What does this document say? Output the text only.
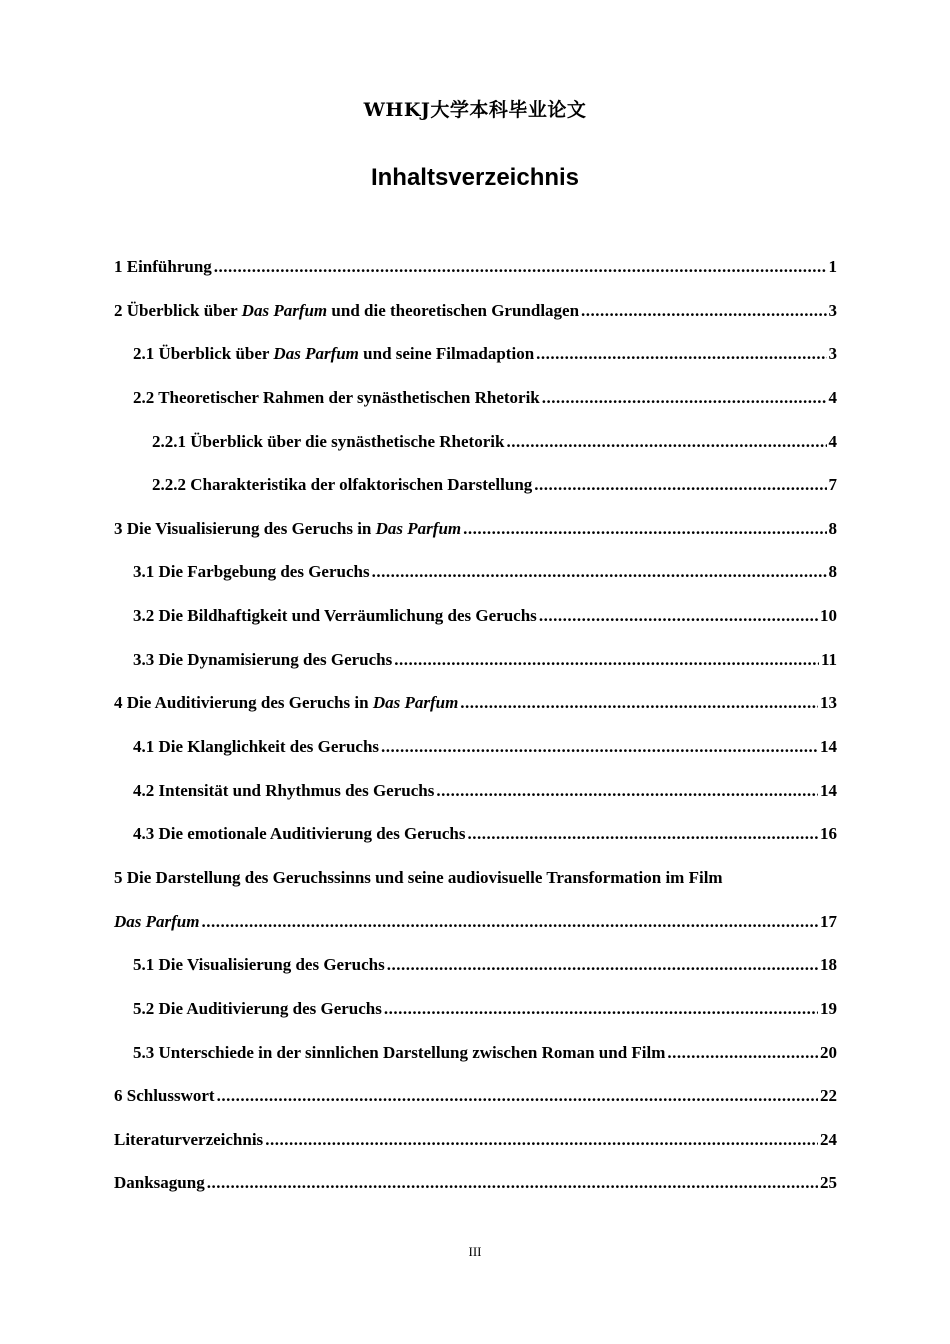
WHKJ大学本科毕业论文
Inhaltsverzeichnis
1 Einführung .....	1
2 Überblick über Das Parfum und die theoretischen Grundlagen .....	3
2.1 Überblick über Das Parfum und seine Filmadaption .....	3
2.2 Theoretischer Rahmen der synästhetischen Rhetorik .....	4
2.2.1 Überblick über die synästhetische Rhetorik .....	4
2.2.2 Charakteristika der olfaktorischen Darstellung .....	7
3 Die Visualisierung des Geruchs in Das Parfum .....	8
3.1 Die Farbgebung des Geruchs .....	8
3.2 Die Bildhaftigkeit und Verräumlichung des Geruchs .....	10
3.3 Die Dynamisierung des Geruchs .....	11
4 Die Auditivierung des Geruchs in Das Parfum .....	13
4.1 Die Klanglichkeit des Geruchs .....	14
4.2 Intensität und Rhythmus des Geruchs .....	14
4.3 Die emotionale Auditivierung des Geruchs .....	16
5 Die Darstellung des Geruchssinns und seine audiovisuelle Transformation im Film
Das Parfum .....	17
5.1 Die Visualisierung des Geruchs .....	18
5.2 Die Auditivierung des Geruchs .....	19
5.3 Unterschiede in der sinnlichen Darstellung zwischen Roman und Film .....	20
6 Schlusswort .....	22
Literaturverzeichnis .....	24
Danksagung .....	25
III
